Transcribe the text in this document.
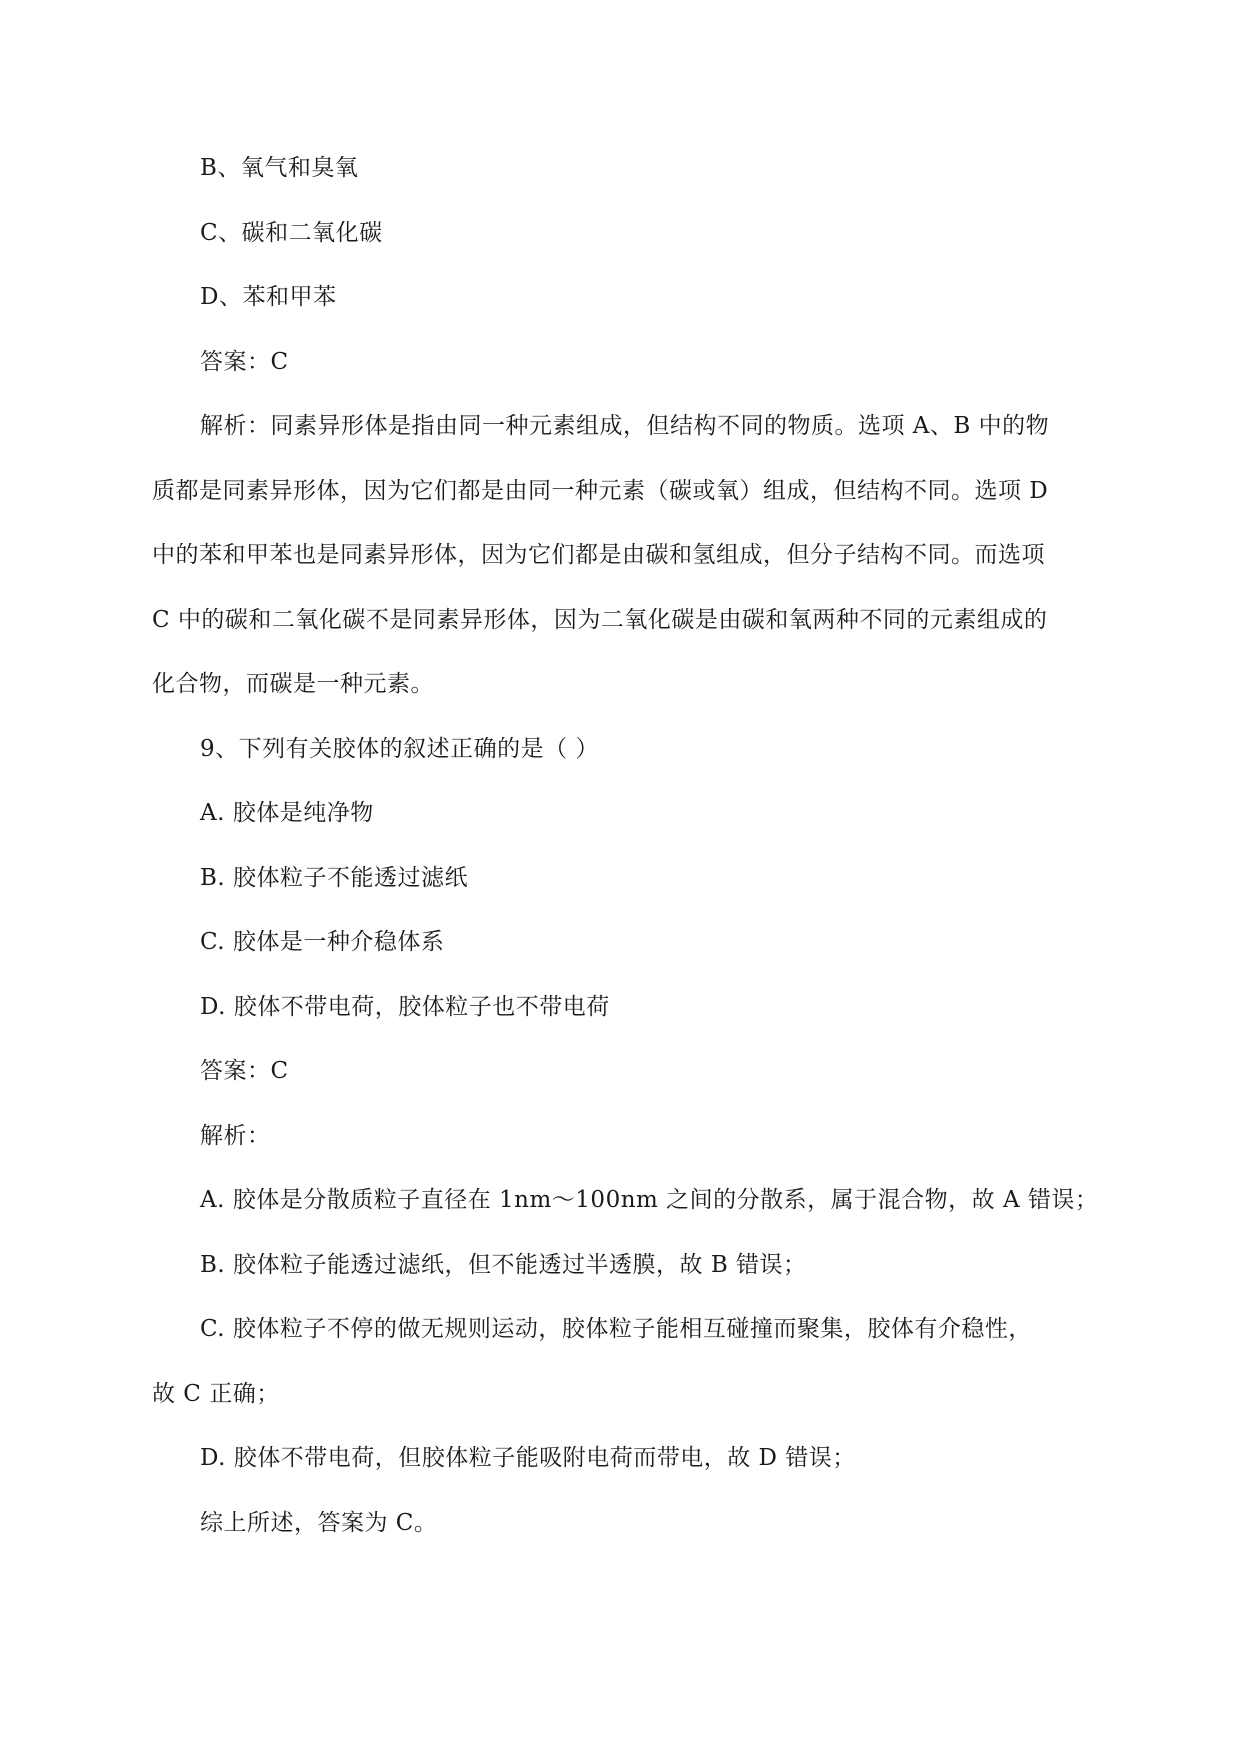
B、氧气和臭氧
C、碳和二氧化碳
D、苯和甲苯
答案：C
解析：同素异形体是指由同一种元素组成，但结构不同的物质。选项 A、B 中的物
质都是同素异形体，因为它们都是由同一种元素（碳或氧）组成，但结构不同。选项 D
中的苯和甲苯也是同素异形体，因为它们都是由碳和氢组成，但分子结构不同。而选项
C 中的碳和二氧化碳不是同素异形体，因为二氧化碳是由碳和氧两种不同的元素组成的
化合物，而碳是一种元素。
9、下列有关胶体的叙述正确的是（ ）
A. 胶体是纯净物
B. 胶体粒子不能透过滤纸
C. 胶体是一种介稳体系
D. 胶体不带电荷，胶体粒子也不带电荷
答案：C
解析：
A. 胶体是分散质粒子直径在 1nm～100nm 之间的分散系，属于混合物，故 A 错误；
B. 胶体粒子能透过滤纸，但不能透过半透膜，故 B 错误；
C. 胶体粒子不停的做无规则运动，胶体粒子能相互碰撞而聚集，胶体有介稳性，
故 C 正确；
D. 胶体不带电荷，但胶体粒子能吸附电荷而带电，故 D 错误；
综上所述，答案为 C。
